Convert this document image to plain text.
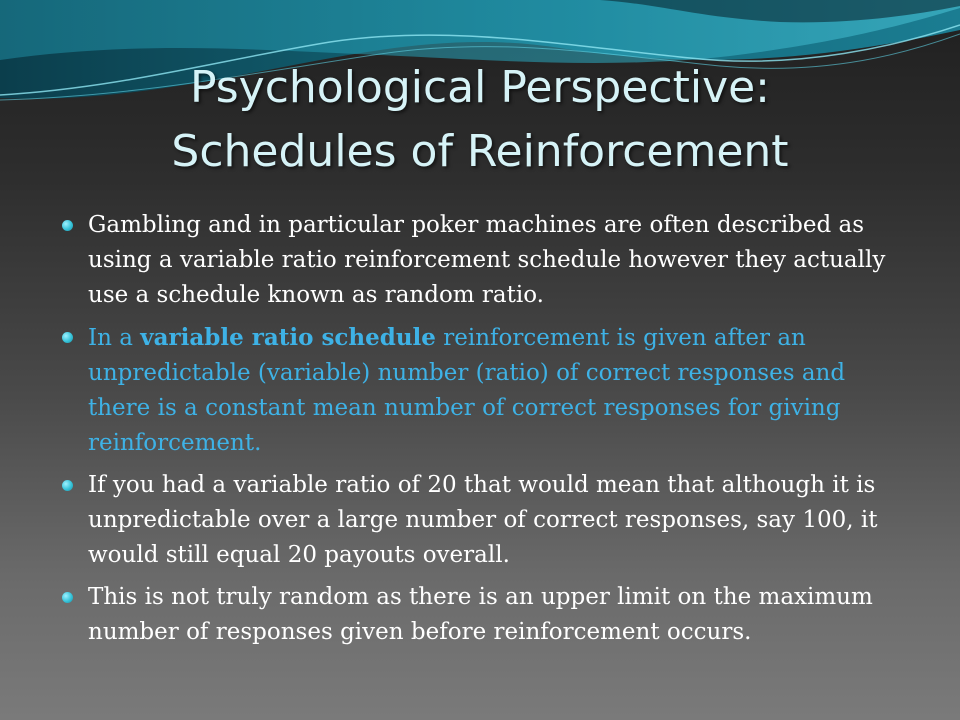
Psychological Perspective:
Schedules of Reinforcement
Gambling and in particular poker machines are often described as using a variable ratio reinforcement schedule however they actually use a schedule known as random ratio.
In a variable ratio schedule reinforcement is given after an unpredictable (variable) number (ratio) of correct responses and there is a constant mean number of correct responses for giving reinforcement.
If you had a variable ratio of 20 that would mean that although it is unpredictable over a large number of correct responses, say 100, it would still equal 20 payouts overall.
This is not truly random as there is an upper limit on the maximum number of responses given before reinforcement occurs.
